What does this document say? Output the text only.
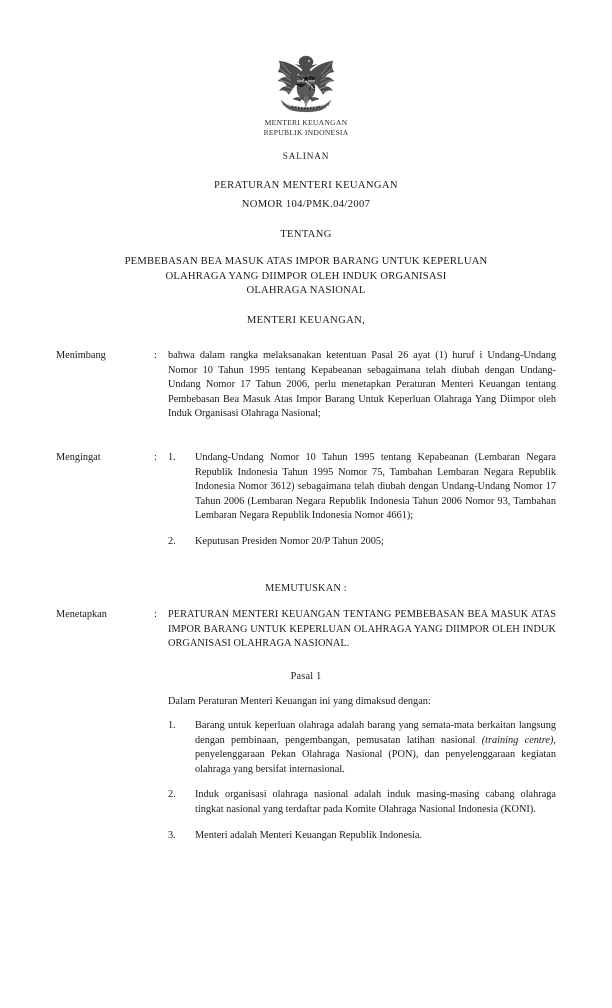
MENTERI KEUANGAN
REPUBLIK INDONESIA
SALINAN
PERATURAN MENTERI KEUANGAN
NOMOR 104/PMK.04/2007
TENTANG
PEMBEBASAN BEA MASUK ATAS IMPOR BARANG UNTUK KEPERLUAN
OLAHRAGA YANG DIIMPOR OLEH INDUK ORGANISASI
OLAHRAGA NASIONAL
MENTERI KEUANGAN,
Menimbang	:	bahwa dalam rangka melaksanakan ketentuan Pasal 26 ayat (1) huruf i Undang-Undang Nomor 10 Tahun 1995 tentang Kepabeanan sebagaimana telah diubah dengan Undang-Undang Nomor 17 Tahun 2006, perlu menetapkan Peraturan Menteri Keuangan tentang Pembebasan Bea Masuk Atas Impor Barang Untuk Keperluan Olahraga Yang Diimpor oleh Induk Organisasi Olahraga Nasional;
Mengingat	:	1.	Undang-Undang Nomor 10 Tahun 1995 tentang Kepabeanan (Lembaran Negara Republik Indonesia Tahun 1995 Nomor 75, Tambahan Lembaran Negara Republik Indonesia Nomor 3612) sebagaimana telah diubah dengan Undang-Undang Nomor 17 Tahun 2006 (Lembaran Negara Republik Indonesia Tahun 2006 Nomor 93, Tambahan Lembaran Negara Republik Indonesia Nomor 4661);
2.	Keputusan Presiden Nomor 20/P Tahun 2005;
MEMUTUSKAN :
Menetapkan	:	PERATURAN MENTERI KEUANGAN TENTANG PEMBEBASAN BEA MASUK ATAS IMPOR BARANG UNTUK KEPERLUAN OLAHRAGA YANG DIIMPOR OLEH INDUK ORGANISASI OLAHRAGA NASIONAL.
Pasal 1
Dalam Peraturan Menteri Keuangan ini yang dimaksud dengan:
1.	Barang untuk keperluan olahraga adalah barang yang semata-mata berkaitan langsung dengan pembinaan, pengembangan, pemusatan latihan nasional (training centre), penyelenggaraan Pekan Olahraga Nasional (PON), dan penyelenggaraan kegiatan olahraga yang bersifat internasional.
2.	Induk organisasi olahraga nasional adalah induk masing-masing cabang olahraga tingkat nasional yang terdaftar pada Komite Olahraga Nasional Indonesia (KONI).
3.	Menteri adalah Menteri Keuangan Republik Indonesia.
